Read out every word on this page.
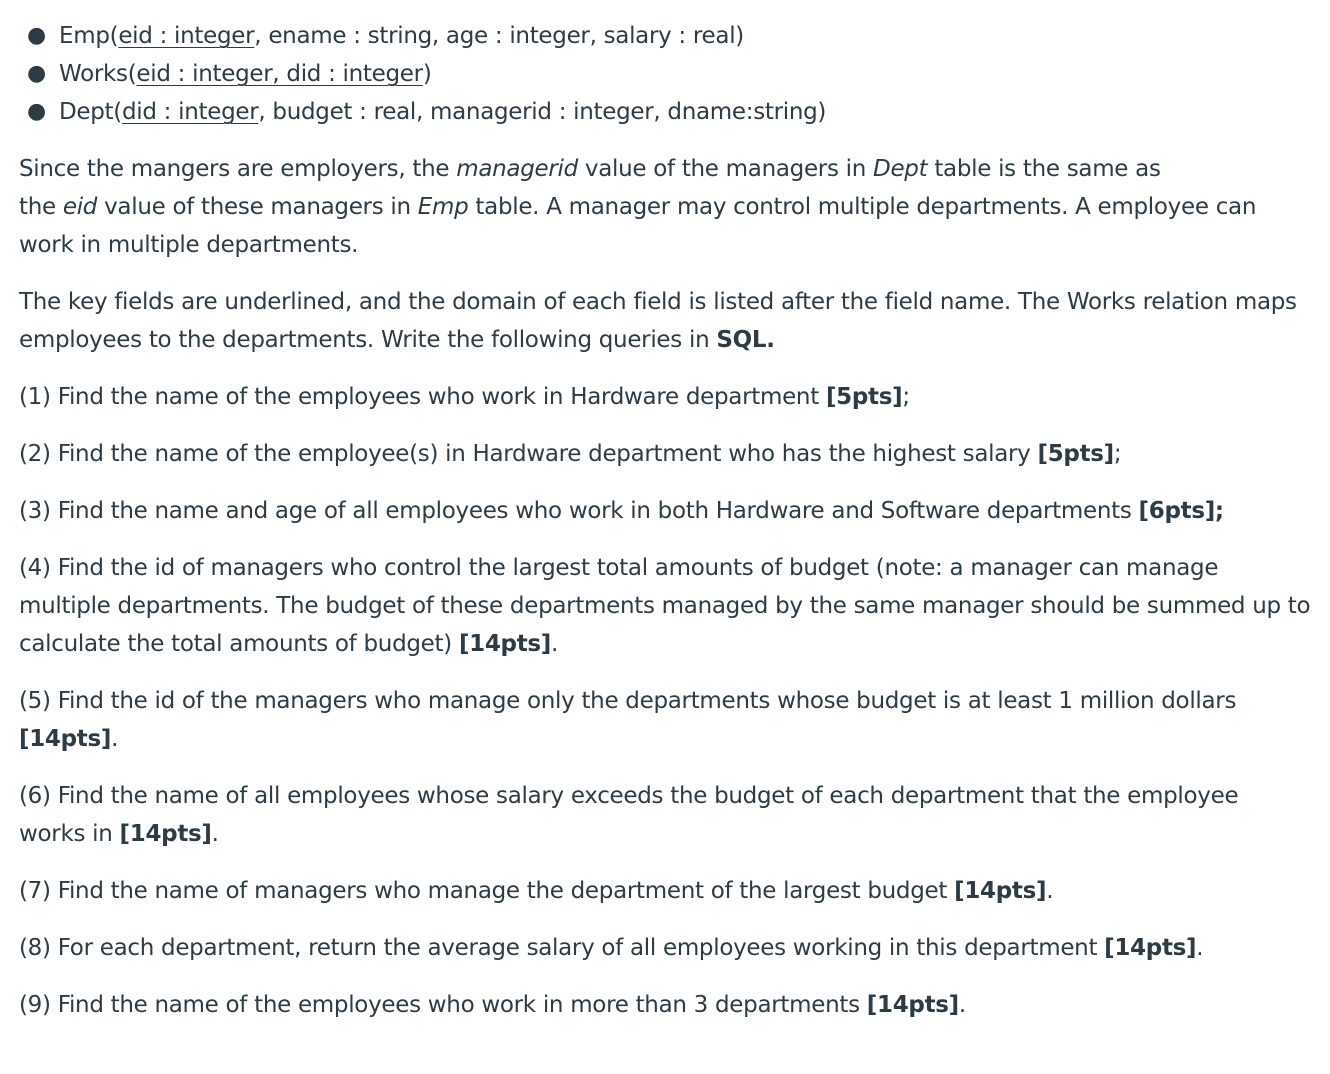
● Emp(eid : integer, ename : string, age : integer, salary : real)
● Works(eid : integer, did : integer)
● Dept(did : integer, budget : real, managerid : integer, dname:string)

Since the mangers are employers, the managerid value of the managers in Dept table is the same as
the eid value of these managers in Emp table. A manager may control multiple departments. A employee can
work in multiple departments.

The key fields are underlined, and the domain of each field is listed after the field name. The Works relation maps
employees to the departments. Write the following queries in SQL.

(1) Find the name of the employees who work in Hardware department [5pts];

(2) Find the name of the employee(s) in Hardware department who has the highest salary [5pts];

(3) Find the name and age of all employees who work in both Hardware and Software departments [6pts];

(4) Find the id of managers who control the largest total amounts of budget (note: a manager can manage
multiple departments. The budget of these departments managed by the same manager should be summed up to
calculate the total amounts of budget) [14pts].

(5) Find the id of the managers who manage only the departments whose budget is at least 1 million dollars
[14pts].

(6) Find the name of all employees whose salary exceeds the budget of each department that the employee
works in [14pts].

(7) Find the name of managers who manage the department of the largest budget [14pts].

(8) For each department, return the average salary of all employees working in this department [14pts].

(9) Find the name of the employees who work in more than 3 departments [14pts].
